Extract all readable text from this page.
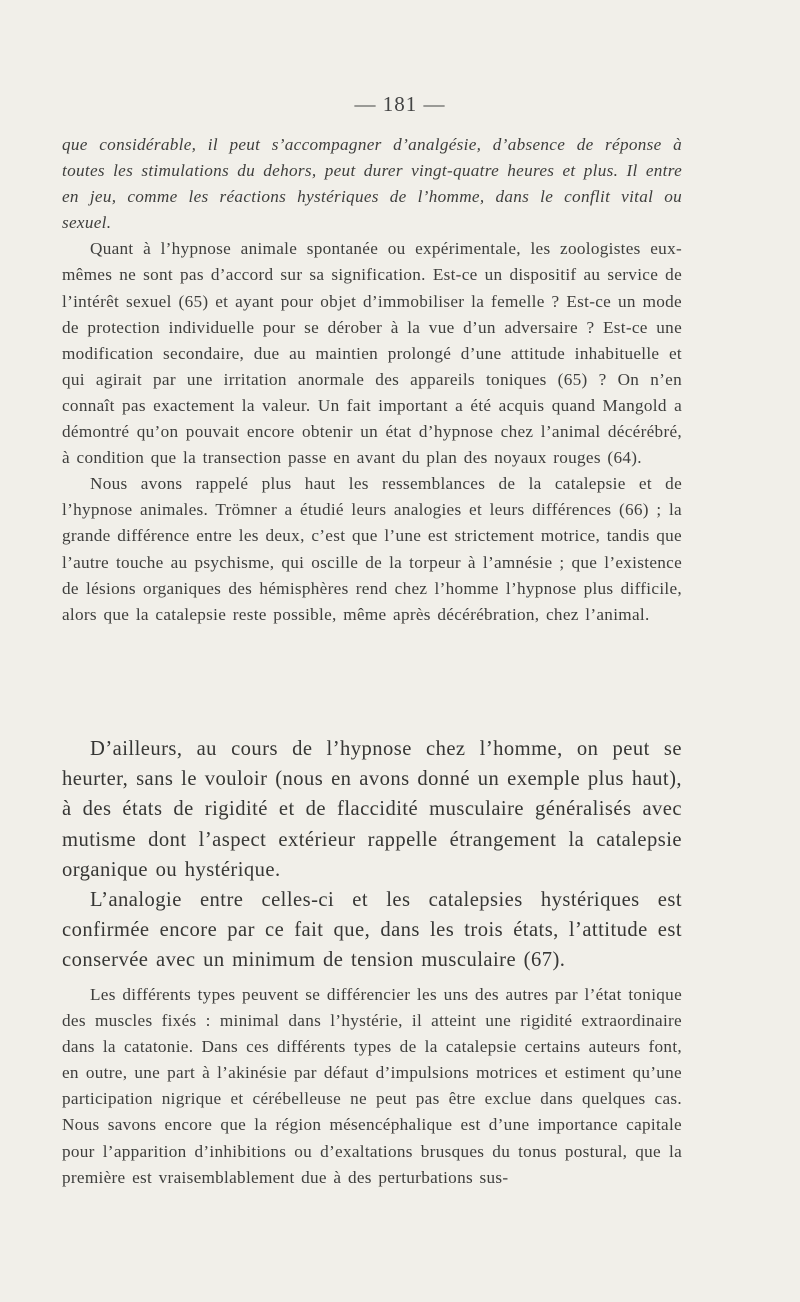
— 181 —

que considérable, il peut s’accompagner d’analgésie, d’absence de réponse à toutes les stimulations du dehors, peut durer vingt-quatre heures et plus. Il entre en jeu, comme les réactions hystériques de l’homme, dans le conflit vital ou sexuel.

Quant à l’hypnose animale spontanée ou expérimentale, les zoologistes eux-mêmes ne sont pas d’accord sur sa signification. Est-ce un dispositif au service de l’intérêt sexuel (65) et ayant pour objet d’immobiliser la femelle ? Est-ce un mode de protection individuelle pour se dérober à la vue d’un adversaire ? Est-ce une modification secondaire, due au maintien prolongé d’une attitude inhabituelle et qui agirait par une irritation anormale des appareils toniques (65) ? On n’en connaît pas exactement la valeur. Un fait important a été acquis quand Mangold a démontré qu’on pouvait encore obtenir un état d’hypnose chez l’animal décérébré, à condition que la transection passe en avant du plan des noyaux rouges (64).

Nous avons rappelé plus haut les ressemblances de la catalepsie et de l’hypnose animales. Trömner a étudié leurs analogies et leurs différences (66) ; la grande différence entre les deux, c’est que l’une est strictement motrice, tandis que l’autre touche au psychisme, qui oscille de la torpeur à l’amnésie ; que l’existence de lésions organiques des hémisphères rend chez l’homme l’hypnose plus difficile, alors que la catalepsie reste possible, même après décérébration, chez l’animal.

D’ailleurs, au cours de l’hypnose chez l’homme, on peut se heurter, sans le vouloir (nous en avons donné un exemple plus haut), à des états de rigidité et de flaccidité musculaire généralisés avec mutisme dont l’aspect extérieur rappelle étrangement la catalepsie organique ou hystérique.

L’analogie entre celles-ci et les catalepsies hystériques est confirmée encore par ce fait que, dans les trois états, l’attitude est conservée avec un minimum de tension musculaire (67).

Les différents types peuvent se différencier les uns des autres par l’état tonique des muscles fixés : minimal dans l’hystérie, il atteint une rigidité extraordinaire dans la catatonie. Dans ces différents types de la catalepsie certains auteurs font, en outre, une part à l’akinésie par défaut d’impulsions motrices et estiment qu’une participation nigrique et cérébelleuse ne peut pas être exclue dans quelques cas. Nous savons encore que la région mésencéphalique est d’une importance capitale pour l’apparition d’inhibitions ou d’exaltations brusques du tonus postural, que la première est vraisemblablement due à des perturbations sus-
